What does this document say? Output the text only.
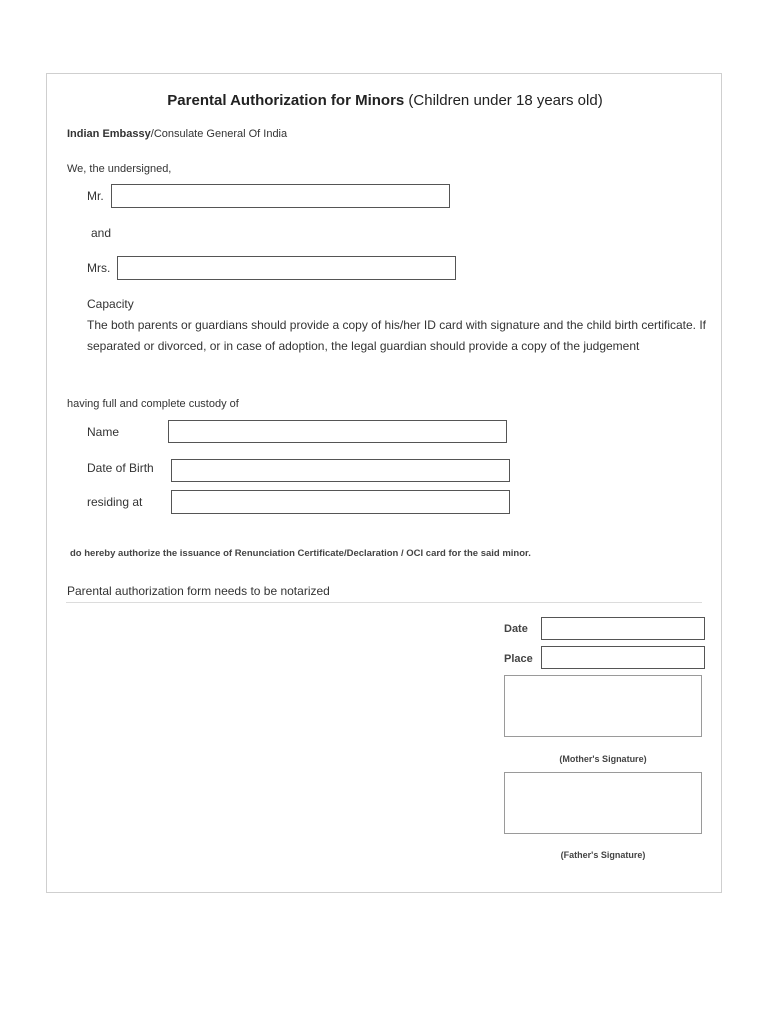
Parental Authorization for Minors (Children under 18 years old)
Indian Embassy/Consulate General Of India
We, the undersigned,
Mr.
and
Mrs.
Capacity
The both parents or guardians should provide a copy of his/her ID card with signature and the child birth certificate. If separated or divorced, or in case of adoption, the legal guardian should provide a copy of the judgement
having full and complete custody of
Name
Date of Birth
residing at
do hereby authorize the issuance of Renunciation Certificate/Declaration / OCI card for the said minor.
Parental authorization form needs to be notarized
Date
Place
(Mother's Signature)
(Father's Signature)
